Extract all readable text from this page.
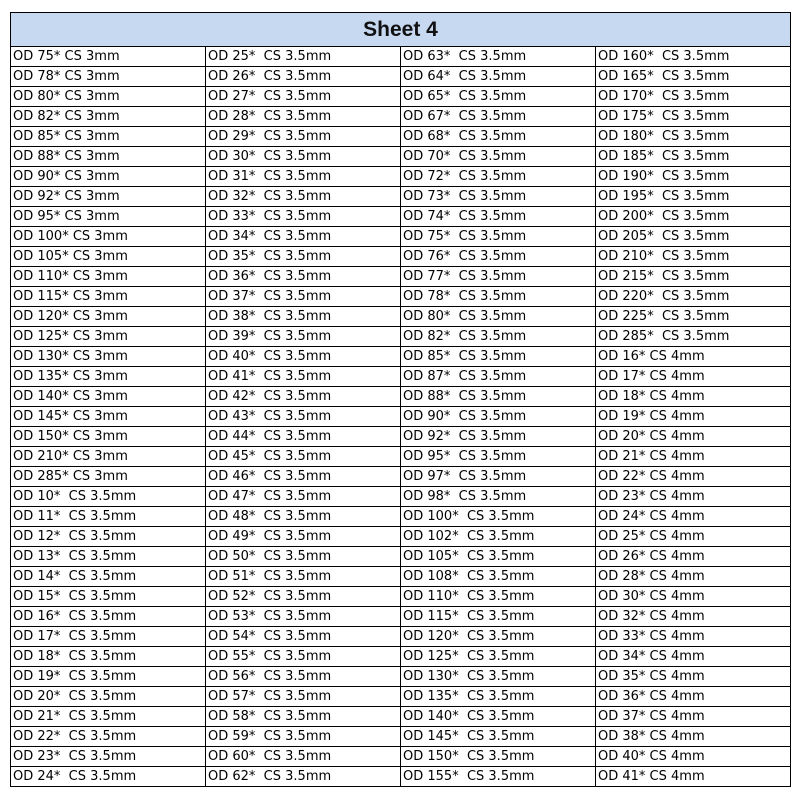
Sheet 4			
OD 75* CS 3mm	OD 25*  CS 3.5mm	OD 63*  CS 3.5mm	OD 160*  CS 3.5mm
OD 78* CS 3mm	OD 26*  CS 3.5mm	OD 64*  CS 3.5mm	OD 165*  CS 3.5mm
OD 80* CS 3mm	OD 27*  CS 3.5mm	OD 65*  CS 3.5mm	OD 170*  CS 3.5mm
OD 82* CS 3mm	OD 28*  CS 3.5mm	OD 67*  CS 3.5mm	OD 175*  CS 3.5mm
OD 85* CS 3mm	OD 29*  CS 3.5mm	OD 68*  CS 3.5mm	OD 180*  CS 3.5mm
OD 88* CS 3mm	OD 30*  CS 3.5mm	OD 70*  CS 3.5mm	OD 185*  CS 3.5mm
OD 90* CS 3mm	OD 31*  CS 3.5mm	OD 72*  CS 3.5mm	OD 190*  CS 3.5mm
OD 92* CS 3mm	OD 32*  CS 3.5mm	OD 73*  CS 3.5mm	OD 195*  CS 3.5mm
OD 95* CS 3mm	OD 33*  CS 3.5mm	OD 74*  CS 3.5mm	OD 200*  CS 3.5mm
OD 100* CS 3mm	OD 34*  CS 3.5mm	OD 75*  CS 3.5mm	OD 205*  CS 3.5mm
OD 105* CS 3mm	OD 35*  CS 3.5mm	OD 76*  CS 3.5mm	OD 210*  CS 3.5mm
OD 110* CS 3mm	OD 36*  CS 3.5mm	OD 77*  CS 3.5mm	OD 215*  CS 3.5mm
OD 115* CS 3mm	OD 37*  CS 3.5mm	OD 78*  CS 3.5mm	OD 220*  CS 3.5mm
OD 120* CS 3mm	OD 38*  CS 3.5mm	OD 80*  CS 3.5mm	OD 225*  CS 3.5mm
OD 125* CS 3mm	OD 39*  CS 3.5mm	OD 82*  CS 3.5mm	OD 285*  CS 3.5mm
OD 130* CS 3mm	OD 40*  CS 3.5mm	OD 85*  CS 3.5mm	OD 16* CS 4mm
OD 135* CS 3mm	OD 41*  CS 3.5mm	OD 87*  CS 3.5mm	OD 17* CS 4mm
OD 140* CS 3mm	OD 42*  CS 3.5mm	OD 88*  CS 3.5mm	OD 18* CS 4mm
OD 145* CS 3mm	OD 43*  CS 3.5mm	OD 90*  CS 3.5mm	OD 19* CS 4mm
OD 150* CS 3mm	OD 44*  CS 3.5mm	OD 92*  CS 3.5mm	OD 20* CS 4mm
OD 210* CS 3mm	OD 45*  CS 3.5mm	OD 95*  CS 3.5mm	OD 21* CS 4mm
OD 285* CS 3mm	OD 46*  CS 3.5mm	OD 97*  CS 3.5mm	OD 22* CS 4mm
OD 10*  CS 3.5mm	OD 47*  CS 3.5mm	OD 98*  CS 3.5mm	OD 23* CS 4mm
OD 11*  CS 3.5mm	OD 48*  CS 3.5mm	OD 100*  CS 3.5mm	OD 24* CS 4mm
OD 12*  CS 3.5mm	OD 49*  CS 3.5mm	OD 102*  CS 3.5mm	OD 25* CS 4mm
OD 13*  CS 3.5mm	OD 50*  CS 3.5mm	OD 105*  CS 3.5mm	OD 26* CS 4mm
OD 14*  CS 3.5mm	OD 51*  CS 3.5mm	OD 108*  CS 3.5mm	OD 28* CS 4mm
OD 15*  CS 3.5mm	OD 52*  CS 3.5mm	OD 110*  CS 3.5mm	OD 30* CS 4mm
OD 16*  CS 3.5mm	OD 53*  CS 3.5mm	OD 115*  CS 3.5mm	OD 32* CS 4mm
OD 17*  CS 3.5mm	OD 54*  CS 3.5mm	OD 120*  CS 3.5mm	OD 33* CS 4mm
OD 18*  CS 3.5mm	OD 55*  CS 3.5mm	OD 125*  CS 3.5mm	OD 34* CS 4mm
OD 19*  CS 3.5mm	OD 56*  CS 3.5mm	OD 130*  CS 3.5mm	OD 35* CS 4mm
OD 20*  CS 3.5mm	OD 57*  CS 3.5mm	OD 135*  CS 3.5mm	OD 36* CS 4mm
OD 21*  CS 3.5mm	OD 58*  CS 3.5mm	OD 140*  CS 3.5mm	OD 37* CS 4mm
OD 22*  CS 3.5mm	OD 59*  CS 3.5mm	OD 145*  CS 3.5mm	OD 38* CS 4mm
OD 23*  CS 3.5mm	OD 60*  CS 3.5mm	OD 150*  CS 3.5mm	OD 40* CS 4mm
OD 24*  CS 3.5mm	OD 62*  CS 3.5mm	OD 155*  CS 3.5mm	OD 41* CS 4mm
